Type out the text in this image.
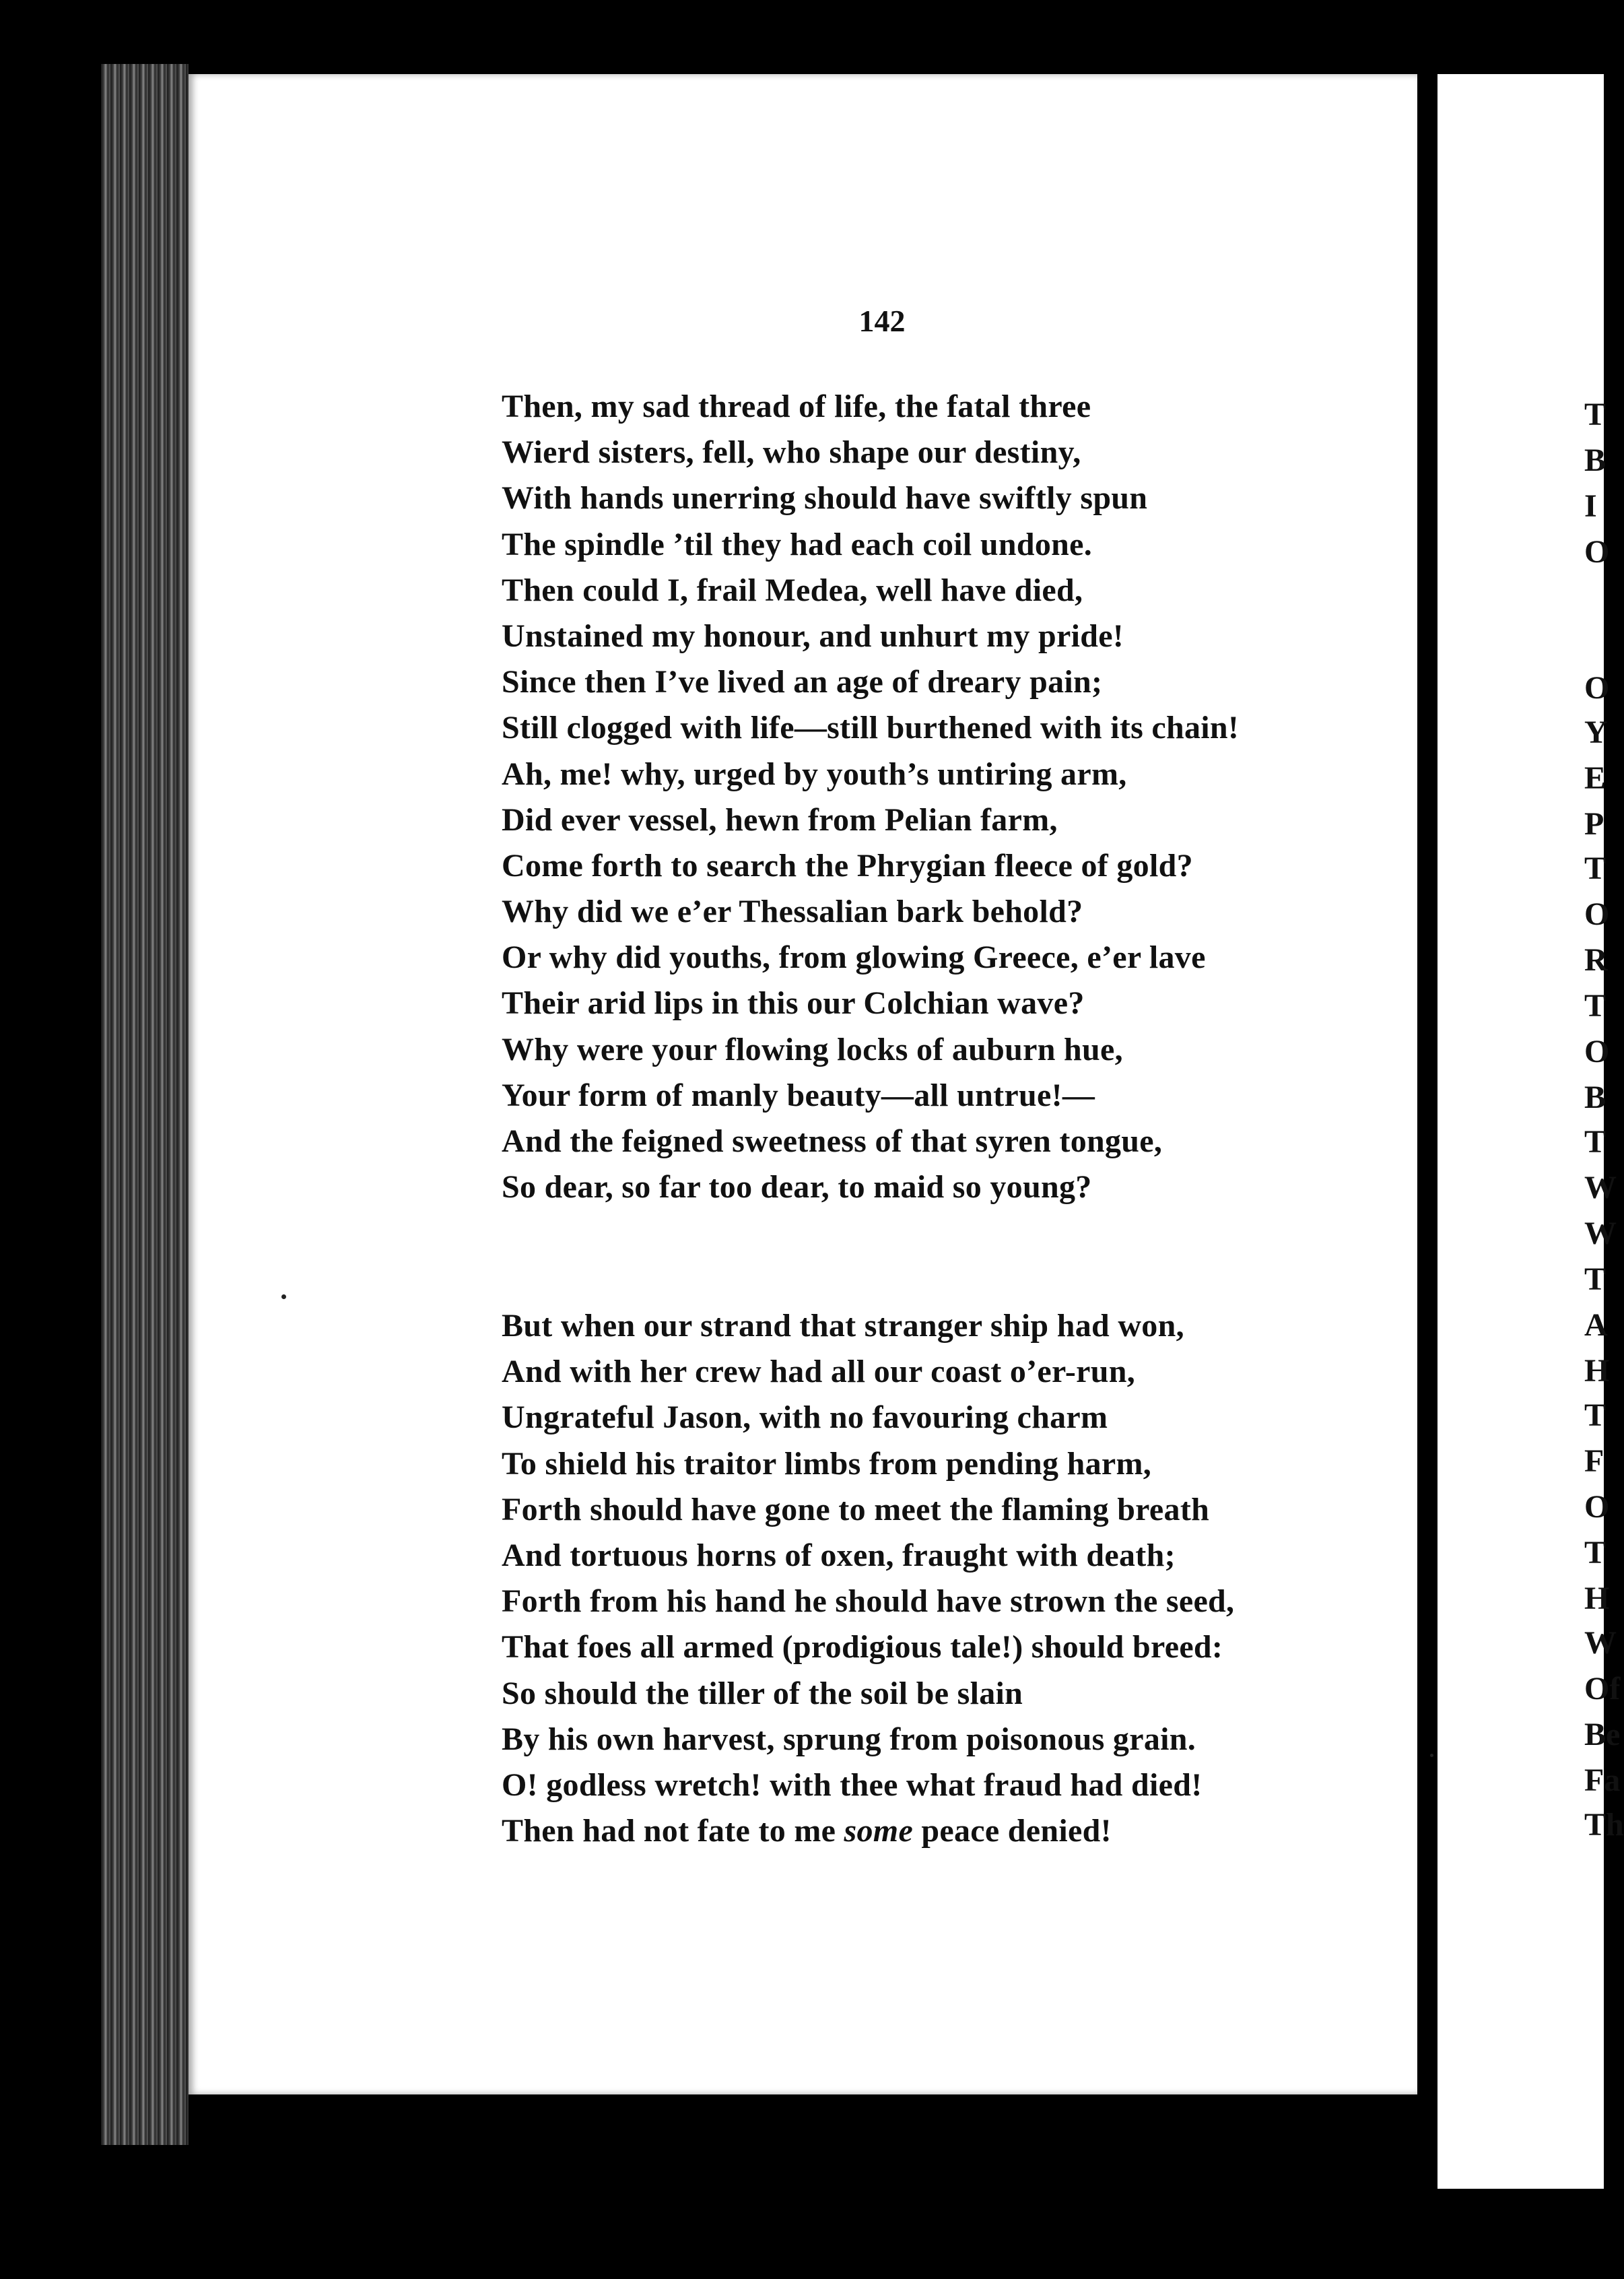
142
Then, my sad thread of life, the fatal three
Wierd sisters, fell, who shape our destiny,
With hands unerring should have swiftly spun
The spindle ’til they had each coil undone.
Then could I, frail Medea, well have died,
Unstained my honour, and unhurt my pride!
Since then I’ve lived an age of dreary pain;
Still clogged with life—still burthened with its chain!
Ah, me! why, urged by youth’s untiring arm,
Did ever vessel, hewn from Pelian farm,
Come forth to search the Phrygian fleece of gold?
Why did we e’er Thessalian bark behold?
Or why did youths, from glowing Greece, e’er lave
Their arid lips in this our Colchian wave?
Why were your flowing locks of auburn hue,
Your form of manly beauty—all untrue!—
And the feigned sweetness of that syren tongue,
So dear, so far too dear, to maid so young?
But when our strand that stranger ship had won,
And with her crew had all our coast o’er-run,
Ungrateful Jason, with no favouring charm
To shield his traitor limbs from pending harm,
Forth should have gone to meet the flaming breath
And tortuous horns of oxen, fraught with death;
Forth from his hand he should have strown the seed,
That foes all armed (prodigious tale!) should breed:
So should the tiller of the soil be slain
By his own harvest, sprung from poisonous grain.
O! godless wretch! with thee what fraud had died!
Then had not fate to me some peace denied!
T
B
I
O
O
Y
E
P
T
O
R
T
O
B
T
W
W
T
A
H
T
F
O
T
H
W
Of
Be
Fa
Th
